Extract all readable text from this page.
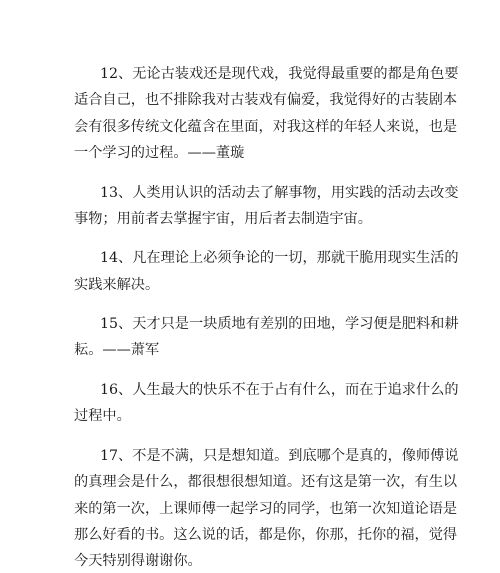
12、无论古装戏还是现代戏，我觉得最重要的都是角色要
适合自己，也不排除我对古装戏有偏爱，我觉得好的古装剧本
会有很多传统文化蕴含在里面，对我这样的年轻人来说，也是
一个学习的过程。——董璇
13、人类用认识的活动去了解事物，用实践的活动去改变
事物；用前者去掌握宇宙，用后者去制造宇宙。
14、凡在理论上必须争论的一切，那就干脆用现实生活的
实践来解决。
15、天才只是一块质地有差别的田地，学习便是肥料和耕
耘。——萧军
16、人生最大的快乐不在于占有什么，而在于追求什么的
过程中。
17、不是不满，只是想知道。到底哪个是真的，像师傅说
的真理会是什么，都很想很想知道。还有这是第一次，有生以
来的第一次，上课师傅一起学习的同学，也第一次知道论语是
那么好看的书。这么说的话，都是你，你那，托你的福，觉得
今天特别得谢谢你。
